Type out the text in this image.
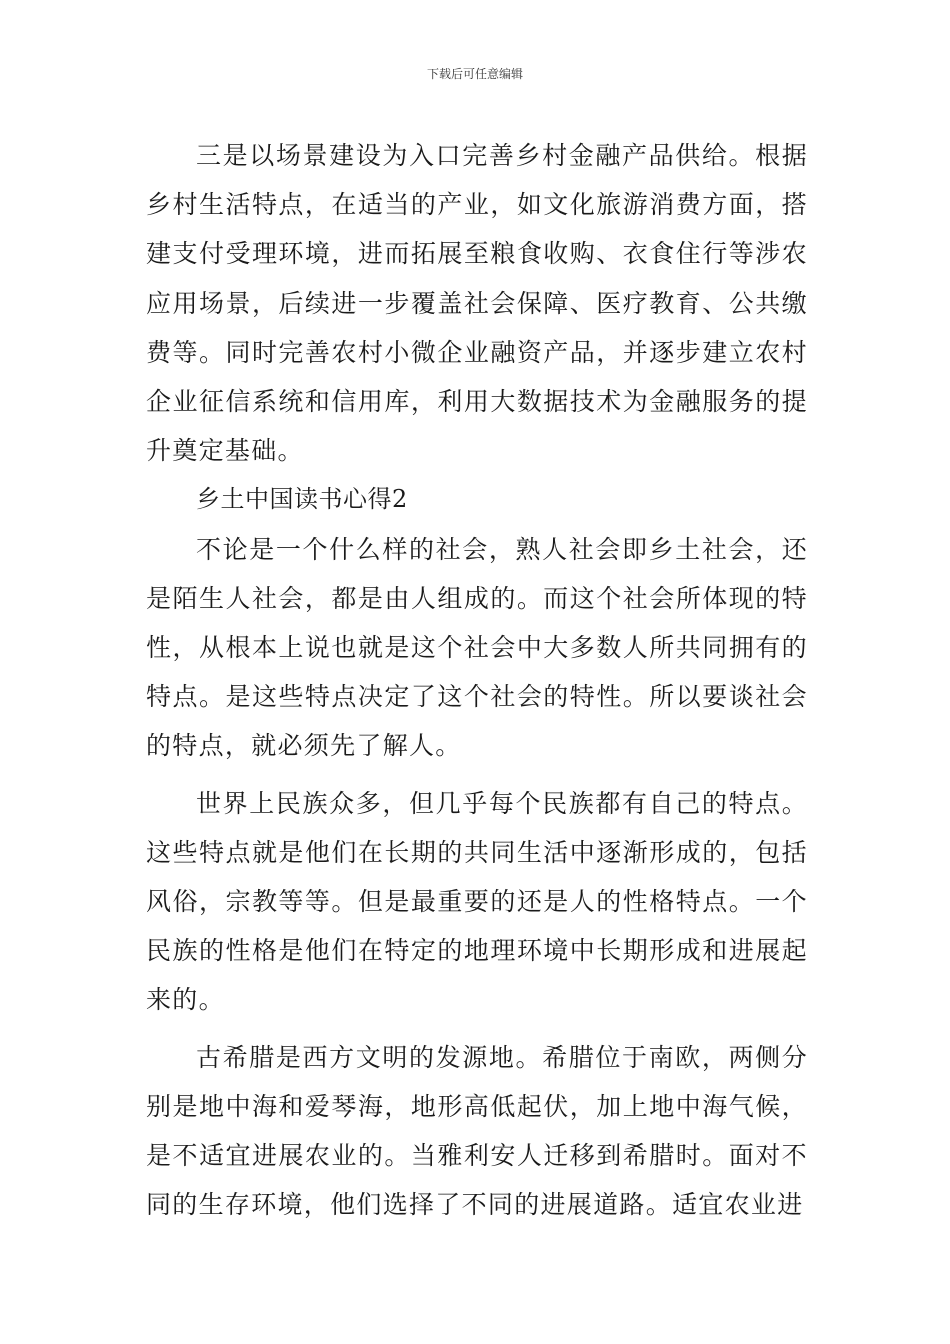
下载后可任意编辑

三是以场景建设为入口完善乡村金融产品供给。根据乡村生活特点，在适当的产业，如文化旅游消费方面，搭建支付受理环境，进而拓展至粮食收购、衣食住行等涉农应用场景，后续进一步覆盖社会保障、医疗教育、公共缴费等。同时完善农村小微企业融资产品，并逐步建立农村企业征信系统和信用库，利用大数据技术为金融服务的提升奠定基础。

乡土中国读书心得2

不论是一个什么样的社会，熟人社会即乡土社会，还是陌生人社会，都是由人组成的。而这个社会所体现的特性，从根本上说也就是这个社会中大多数人所共同拥有的特点。是这些特点决定了这个社会的特性。所以要谈社会的特点，就必须先了解人。

世界上民族众多，但几乎每个民族都有自己的特点。这些特点就是他们在长期的共同生活中逐渐形成的，包括风俗，宗教等等。但是最重要的还是人的性格特点。一个民族的性格是他们在特定的地理环境中长期形成和进展起来的。

古希腊是西方文明的发源地。希腊位于南欧，两侧分别是地中海和爱琴海，地形高低起伏，加上地中海气候，是不适宜进展农业的。当雅利安人迁移到希腊时。面对不同的生存环境，他们选择了不同的进展道路。适宜农业进
